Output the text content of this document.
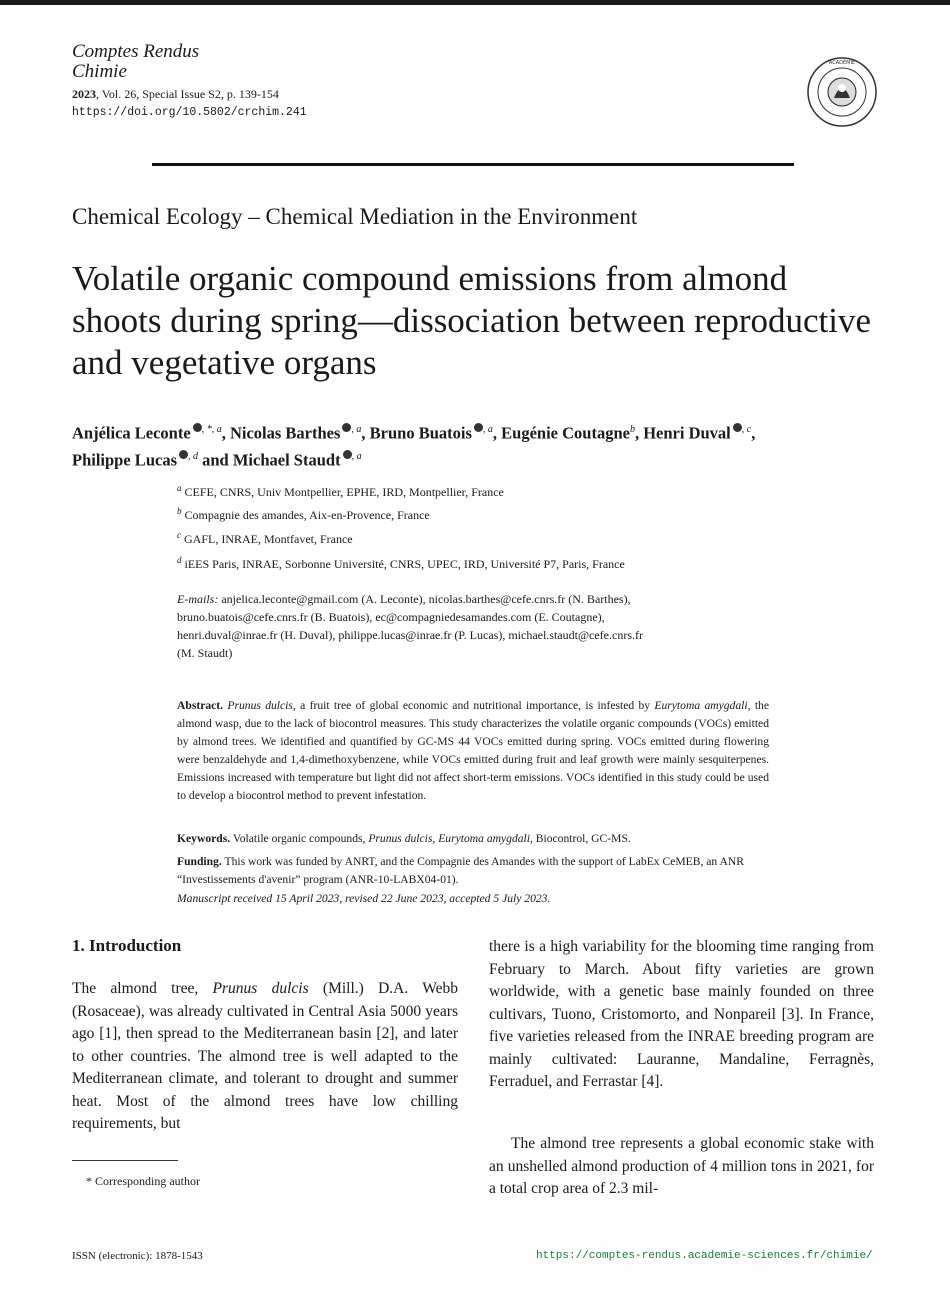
Comptes Rendus
Chimie
2023, Vol. 26, Special Issue S2, p. 139-154
https://doi.org/10.5802/crchim.241
ACADÉMIE
Chemical Ecology – Chemical Mediation in the Environment
Volatile organic compound emissions from almond shoots during spring—dissociation between reproductive and vegetative organs
Anjélica Leconte $^{, *, a}$, Nicolas Barthes $^{, a}$, Bruno Buatois $^{, a}$, Eugénie Coutagne$^b$, Henri Duval $^{, c}$, Philippe Lucas $^{, d}$ and Michael Staudt $^{, a}$
$^a$ CEFE, CNRS, Univ Montpellier, EPHE, IRD, Montpellier, France
$^b$ Compagnie des amandes, Aix-en-Provence, France
$^c$ GAFL, INRAE, Montfavet, France
$^d$ iEES Paris, INRAE, Sorbonne Université, CNRS, UPEC, IRD, Université P7, Paris, France
E-mails: anjelica.leconte@gmail.com (A. Leconte), nicolas.barthes@cefe.cnrs.fr (N. Barthes), bruno.buatois@cefe.cnrs.fr (B. Buatois), ec@compagniedesamandes.com (E. Coutagne), henri.duval@inrae.fr (H. Duval), philippe.lucas@inrae.fr (P. Lucas), michael.staudt@cefe.cnrs.fr (M. Staudt)
Abstract. Prunus dulcis, a fruit tree of global economic and nutritional importance, is infested by Eurytoma amygdali, the almond wasp, due to the lack of biocontrol measures. This study characterizes the volatile organic compounds (VOCs) emitted by almond trees. We identified and quantified by GC-MS 44 VOCs emitted during spring. VOCs emitted during flowering were benzaldehyde and 1,4-dimethoxybenzene, while VOCs emitted during fruit and leaf growth were mainly sesquiterpenes. Emissions increased with temperature but light did not affect short-term emissions. VOCs identified in this study could be used to develop a biocontrol method to prevent infestation.
Keywords. Volatile organic compounds, Prunus dulcis, Eurytoma amygdali, Biocontrol, GC-MS.
Funding. This work was funded by ANRT, and the Compagnie des Amandes with the support of LabEx CeMEB, an ANR “Investissements d'avenir” program (ANR-10-LABX04-01).
Manuscript received 15 April 2023, revised 22 June 2023, accepted 5 July 2023.
1. Introduction
The almond tree, Prunus dulcis (Mill.) D.A. Webb (Rosaceae), was already cultivated in Central Asia 5000 years ago [1], then spread to the Mediterranean basin [2], and later to other countries. The almond tree is well adapted to the Mediterranean climate, and tolerant to drought and summer heat. Most of the almond trees have low chilling requirements, but
there is a high variability for the blooming time ranging from February to March. About fifty varieties are grown worldwide, with a genetic base mainly founded on three cultivars, Tuono, Cristomorto, and Nonpareil [3]. In France, five varieties released from the INRAE breeding program are mainly cultivated: Lauranne, Mandaline, Ferragnès, Ferraduel, and Ferrastar [4].
The almond tree represents a global economic stake with an unshelled almond production of 4 million tons in 2021, for a total crop area of 2.3 mil-
* Corresponding author
ISSN (electronic): 1878-1543	https://comptes-rendus.academie-sciences.fr/chimie/
